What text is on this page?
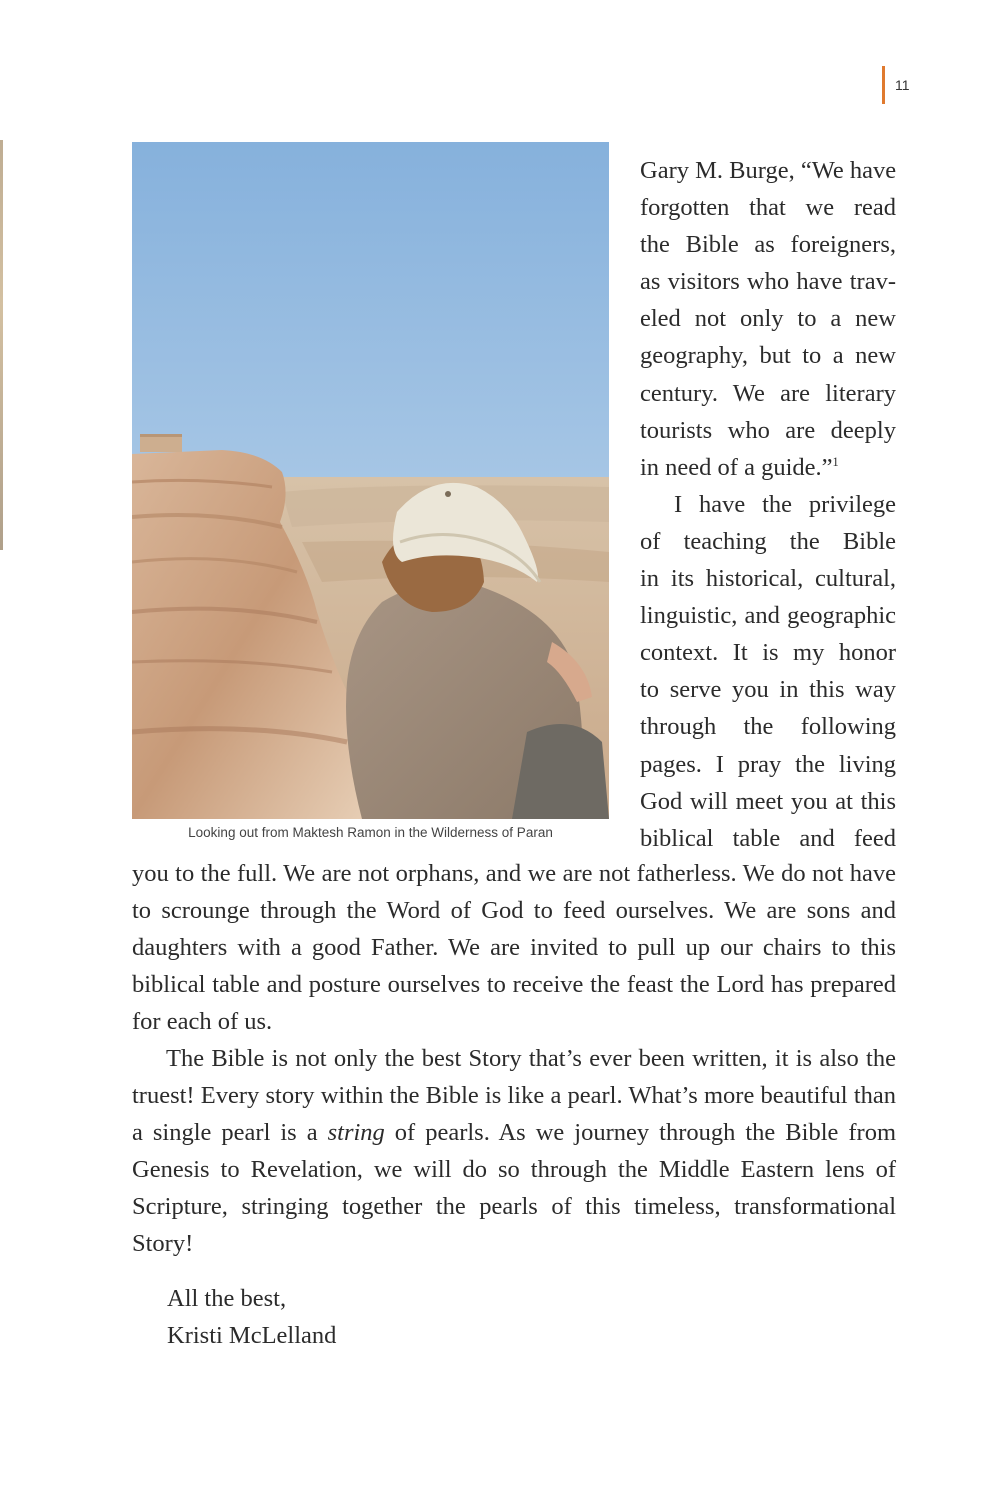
11
Looking out from Maktesh Ramon in the Wilderness of Paran
Gary M. Burge, “We have
forgotten that we read
the Bible as foreigners,
as visitors who have trav-
eled not only to a new
geography, but to a new
century. We are literary
tourists who are deeply
in need of a guide.”$^1$
I have the privilege
of teaching the Bible
in its historical, cultural,
linguistic, and geographic
context. It is my honor
to serve you in this way
through the following
pages. I pray the living
God will meet you at this
biblical table and feed

you to the full. We are not orphans, and we are not fatherless. We do not have to scrounge through the Word of God to feed ourselves. We are sons and daughters with a good Father. We are invited to pull up our chairs to this biblical table and posture ourselves to receive the feast the Lord has prepared for each of us.

The Bible is not only the best Story that’s ever been written, it is also the truest! Every story within the Bible is like a pearl. What’s more beautiful than a single pearl is a string of pearls. As we journey through the Bible from Genesis to Revelation, we will do so through the Middle Eastern lens of Scripture, stringing together the pearls of this timeless, transformational Story!

All the best,
Kristi McLelland
